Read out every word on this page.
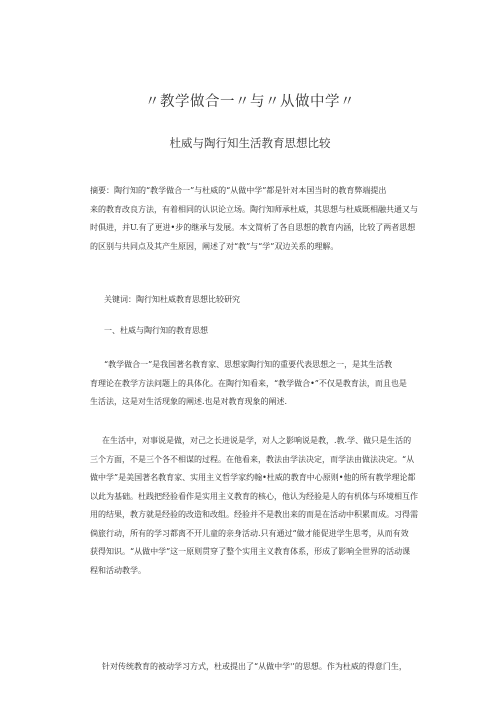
〃教学做合一〃与〃从做中学〃
杜威与陶行知生活教育思想比较
摘要：陶行知的“教学做合一”与杜威的“从做中学”都是针对本国当时的教育弊端提出
来的教育改良方法，有着相同的认识论立场。陶行知师承杜威，其思想与杜威既相融共通又与
时俱进，并U.有了更进•步的继承与发展。本文简析了各自思想的教育内涵，比较了两者思想
的区别与共同点及其产生原因，阐述了对“教”与“学”双边关系的理解。
关键词：陶行知杜威教育思想比较研究
一、杜威与陶行知的教育思想
“教学做合一”是我国著名教育家、思想家陶行知的重要代表思想之一，是其生活教
育理论在教学方法问题上的具体化。在陶行知看来，“教学做合•”不仅是教育法，而且也是
生活法，这是对生活现象的阐述.也是对教育现象的阐述.
在生活中，对事说是做，对己之长进说是学，对人之影响说是教，.教.学、做只是生活的
三个方面，不是三个各不相谋的过程。在他看来，教法由学法决定，而学法由做法决定。“从
做中学”是美国著名教育家、实用主义哲学家约翰•杜威的教育中心原则•他的所有教学理论都
以此为基础。杜践把经验看作是实用主义教育的核心，他认为经验是人的有机体与环境相互作
用的结果，教方就是经验的改造和改组。经验并不是教出来的而是在活动中积累而成。习得需
倘旅行动，所有的学习都离不开儿童的亲身活动.只有通过“做才能促进学生思考，从而有效
获得知识。“从做中学”这一原则贯穿了整个实用主义教育体系，形成了影响全世界的活动课
程和活动教学。
针对传统教育的被动学习方式，杜或提出了“从做中学'’的思想。作为杜威的得意门生，
